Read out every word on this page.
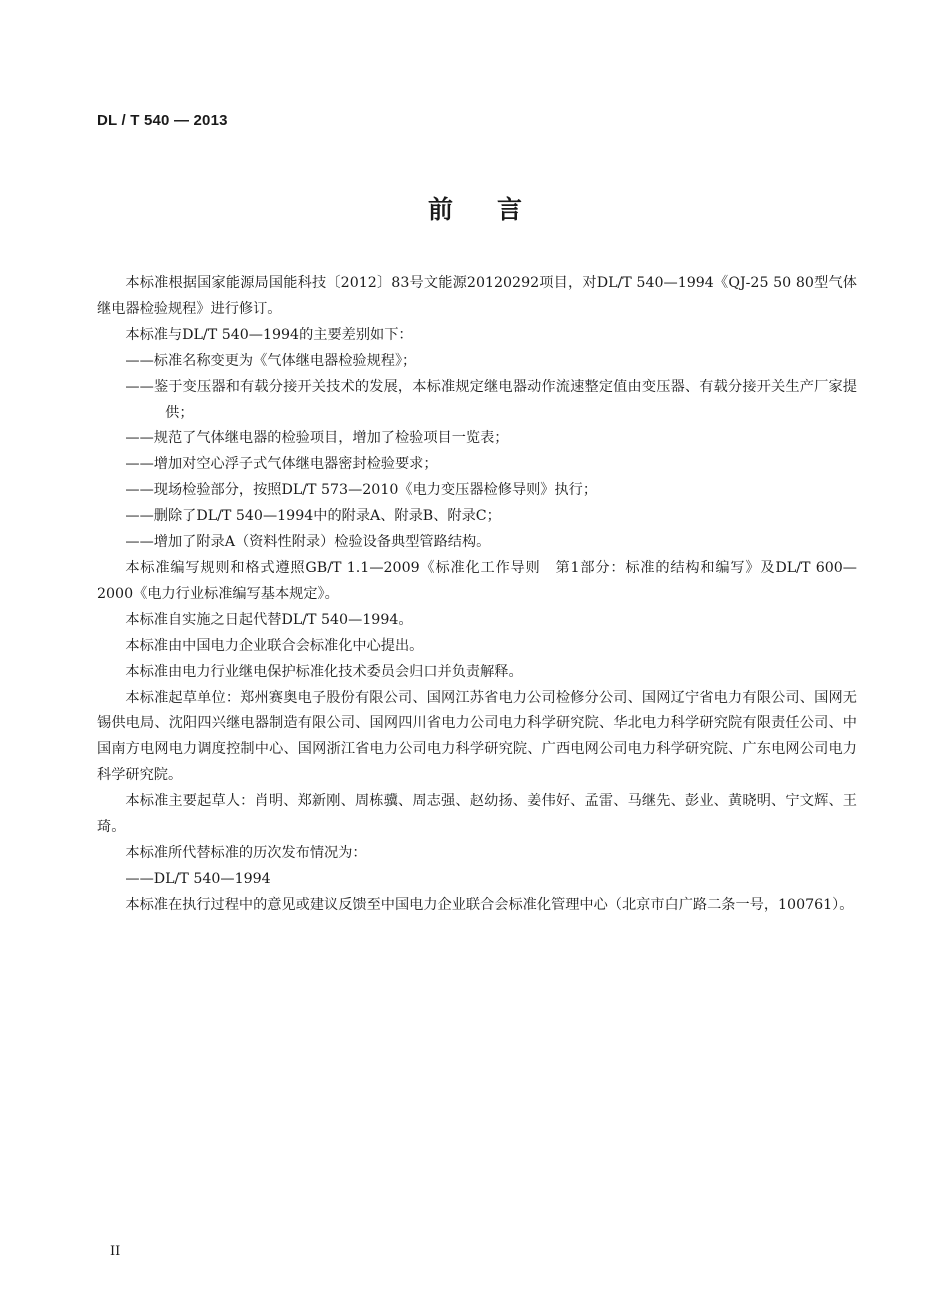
DL / T 540 — 2013
前言

本标准根据国家能源局国能科技〔2012〕83号文能源20120292项目，对DL/T 540—1994《QJ-25 50 80型气体继电器检验规程》进行修订。

本标准与DL/T 540—1994的主要差别如下：

——标准名称变更为《气体继电器检验规程》；

——鉴于变压器和有载分接开关技术的发展，本标准规定继电器动作流速整定值由变压器、有载分接开关生产厂家提供；

——规范了气体继电器的检验项目，增加了检验项目一览表；

——增加对空心浮子式气体继电器密封检验要求；

——现场检验部分，按照DL/T 573—2010《电力变压器检修导则》执行；

——删除了DL/T 540—1994中的附录A、附录B、附录C；

——增加了附录A（资料性附录）检验设备典型管路结构。

本标准编写规则和格式遵照GB/T 1.1—2009《标准化工作导则　第1部分：标准的结构和编写》及DL/T 600—2000《电力行业标准编写基本规定》。

本标准自实施之日起代替DL/T 540—1994。

本标准由中国电力企业联合会标准化中心提出。

本标准由电力行业继电保护标准化技术委员会归口并负责解释。

本标准起草单位：郑州赛奥电子股份有限公司、国网江苏省电力公司检修分公司、国网辽宁省电力有限公司、国网无锡供电局、沈阳四兴继电器制造有限公司、国网四川省电力公司电力科学研究院、华北电力科学研究院有限责任公司、中国南方电网电力调度控制中心、国网浙江省电力公司电力科学研究院、广西电网公司电力科学研究院、广东电网公司电力科学研究院。

本标准主要起草人：肖明、郑新刚、周栋骥、周志强、赵幼扬、姜伟好、孟雷、马继先、彭业、黄晓明、宁文辉、王琦。

本标准所代替标准的历次发布情况为：

——DL/T 540—1994

本标准在执行过程中的意见或建议反馈至中国电力企业联合会标准化管理中心（北京市白广路二条一号，100761）。

II
